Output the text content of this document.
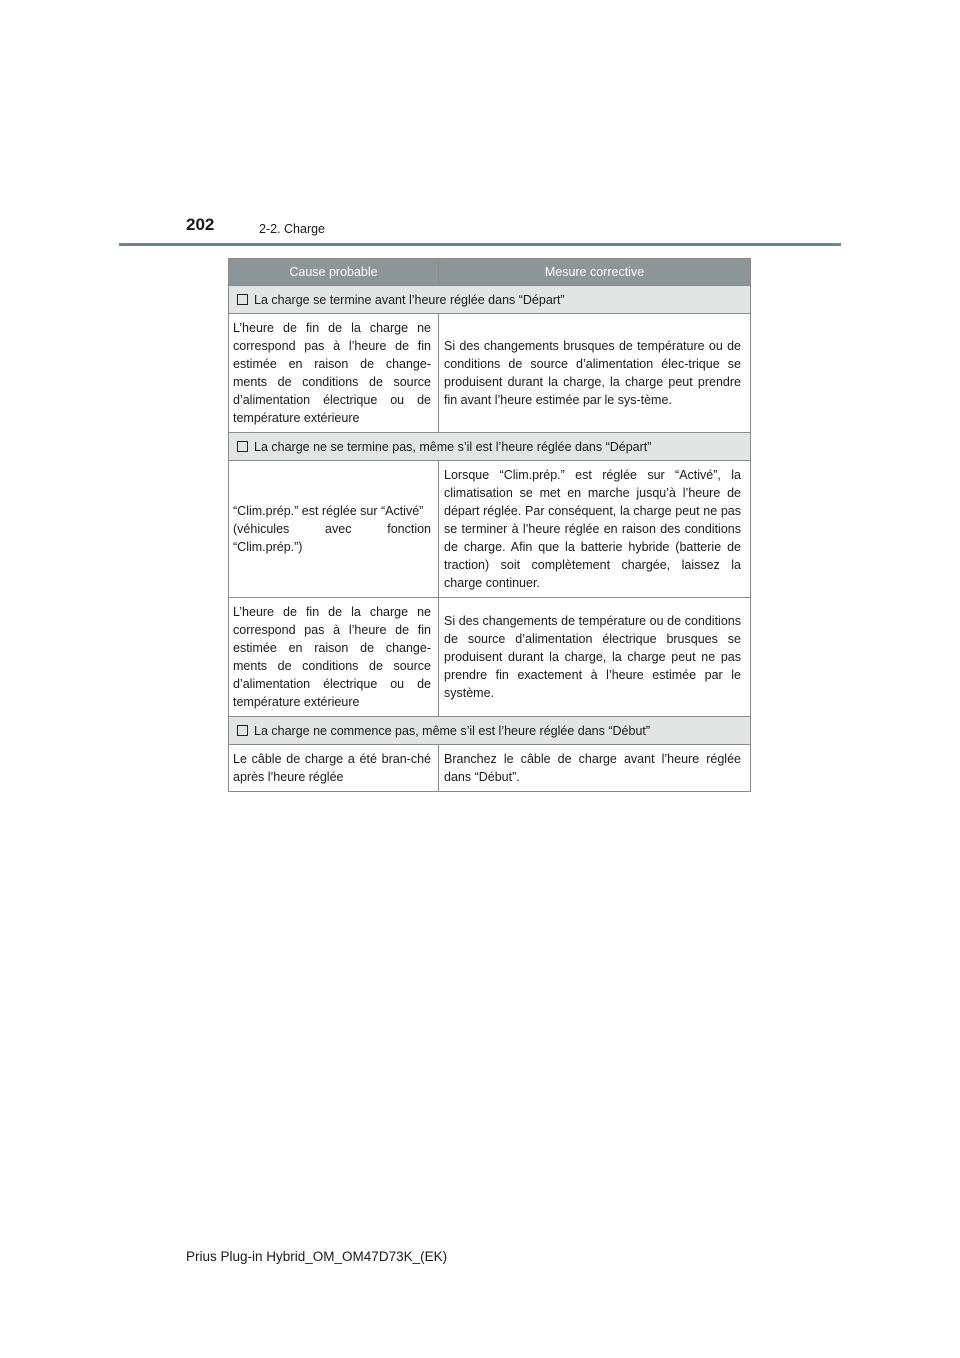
202	2-2. Charge
Cause probable	Mesure corrective
La charge se termine avant l’heure réglée dans “Départ”	
L’heure de fin de la charge ne correspond pas à l’heure de fin estimée en raison de change-ments de conditions de source d’alimentation électrique ou de température extérieure	Si des changements brusques de température ou de conditions de source d’alimentation élec-trique se produisent durant la charge, la charge peut prendre fin avant l’heure estimée par le sys-tème.
La charge ne se termine pas, même s’il est l’heure réglée dans “Départ”	
“Clim.prép.” est réglée sur “Activé”
(véhicules avec fonction “Clim.prép.”)	Lorsque “Clim.prép.” est réglée sur “Activé”, la climatisation se met en marche jusqu’à l’heure de départ réglée. Par conséquent, la charge peut ne pas se terminer à l’heure réglée en raison des conditions de charge. Afin que la batterie hybride (batterie de traction) soit complètement chargée, laissez la charge continuer.
L’heure de fin de la charge ne correspond pas à l’heure de fin estimée en raison de change-ments de conditions de source d’alimentation électrique ou de température extérieure	Si des changements de température ou de conditions de source d’alimentation électrique brusques se produisent durant la charge, la charge peut ne pas prendre fin exactement à l’heure estimée par le système.
La charge ne commence pas, même s’il est l’heure réglée dans “Début”	
Le câble de charge a été bran-ché après l’heure réglée	Branchez le câble de charge avant l’heure réglée dans “Début”.
Prius Plug-in Hybrid_OM_OM47D73K_(EK)
